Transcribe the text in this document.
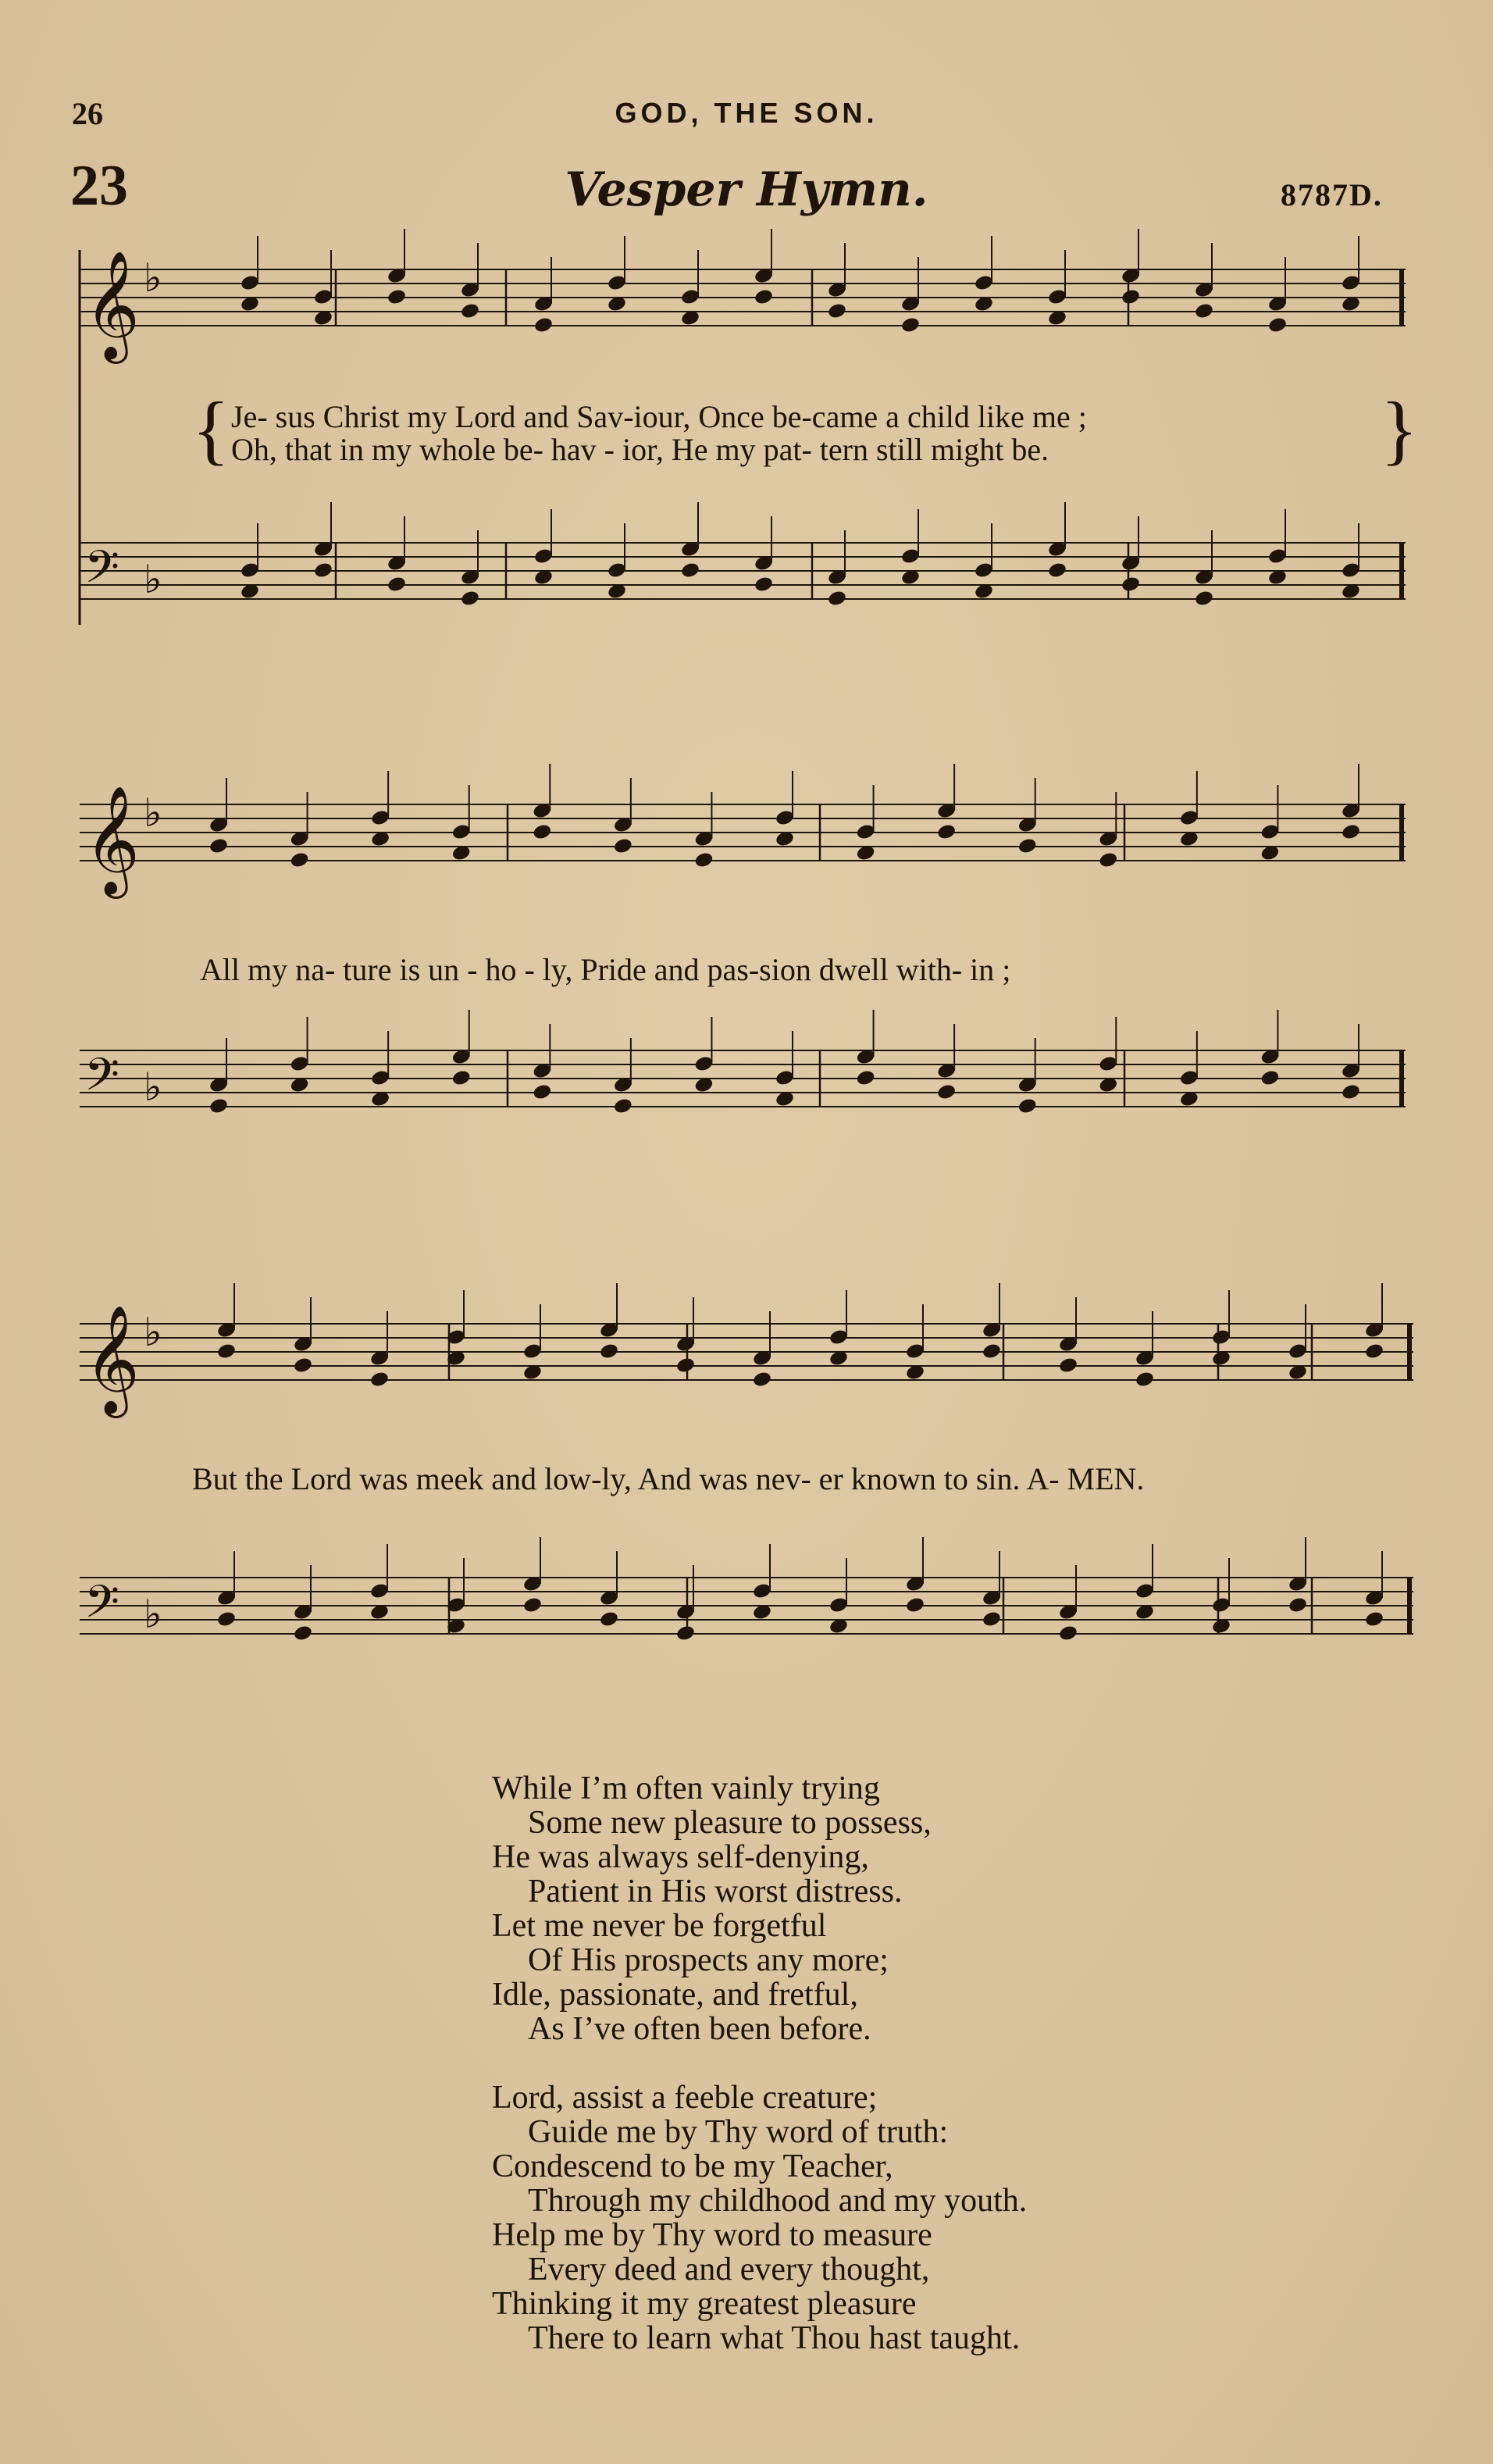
26	GOD, THE SON.
23	Vesper Hymn.	8787D.
𝄞 ♭
𝄢 ♭
𝄞 ♭
𝄢 ♭
𝄞 ♭
𝄢 ♭
{	}
Je- sus Christ my Lord and Sav-iour, Once be-came a child like me ;
Oh, that in my whole be- hav - ior, He my pat- tern still might be.
All my na- ture is un - ho - ly, Pride and pas-sion dwell with- in ;
But the Lord was meek and low-ly, And was nev- er known to sin. A- MEN.
While I’m often vainly trying
Some new pleasure to possess,
He was always self-denying,
Patient in His worst distress.
Let me never be forgetful
Of His prospects any more;
Idle, passionate, and fretful,
As I’ve often been before.
Lord, assist a feeble creature;
Guide me by Thy word of truth:
Condescend to be my Teacher,
Through my childhood and my youth.
Help me by Thy word to measure
Every deed and every thought,
Thinking it my greatest pleasure
There to learn what Thou hast taught.
